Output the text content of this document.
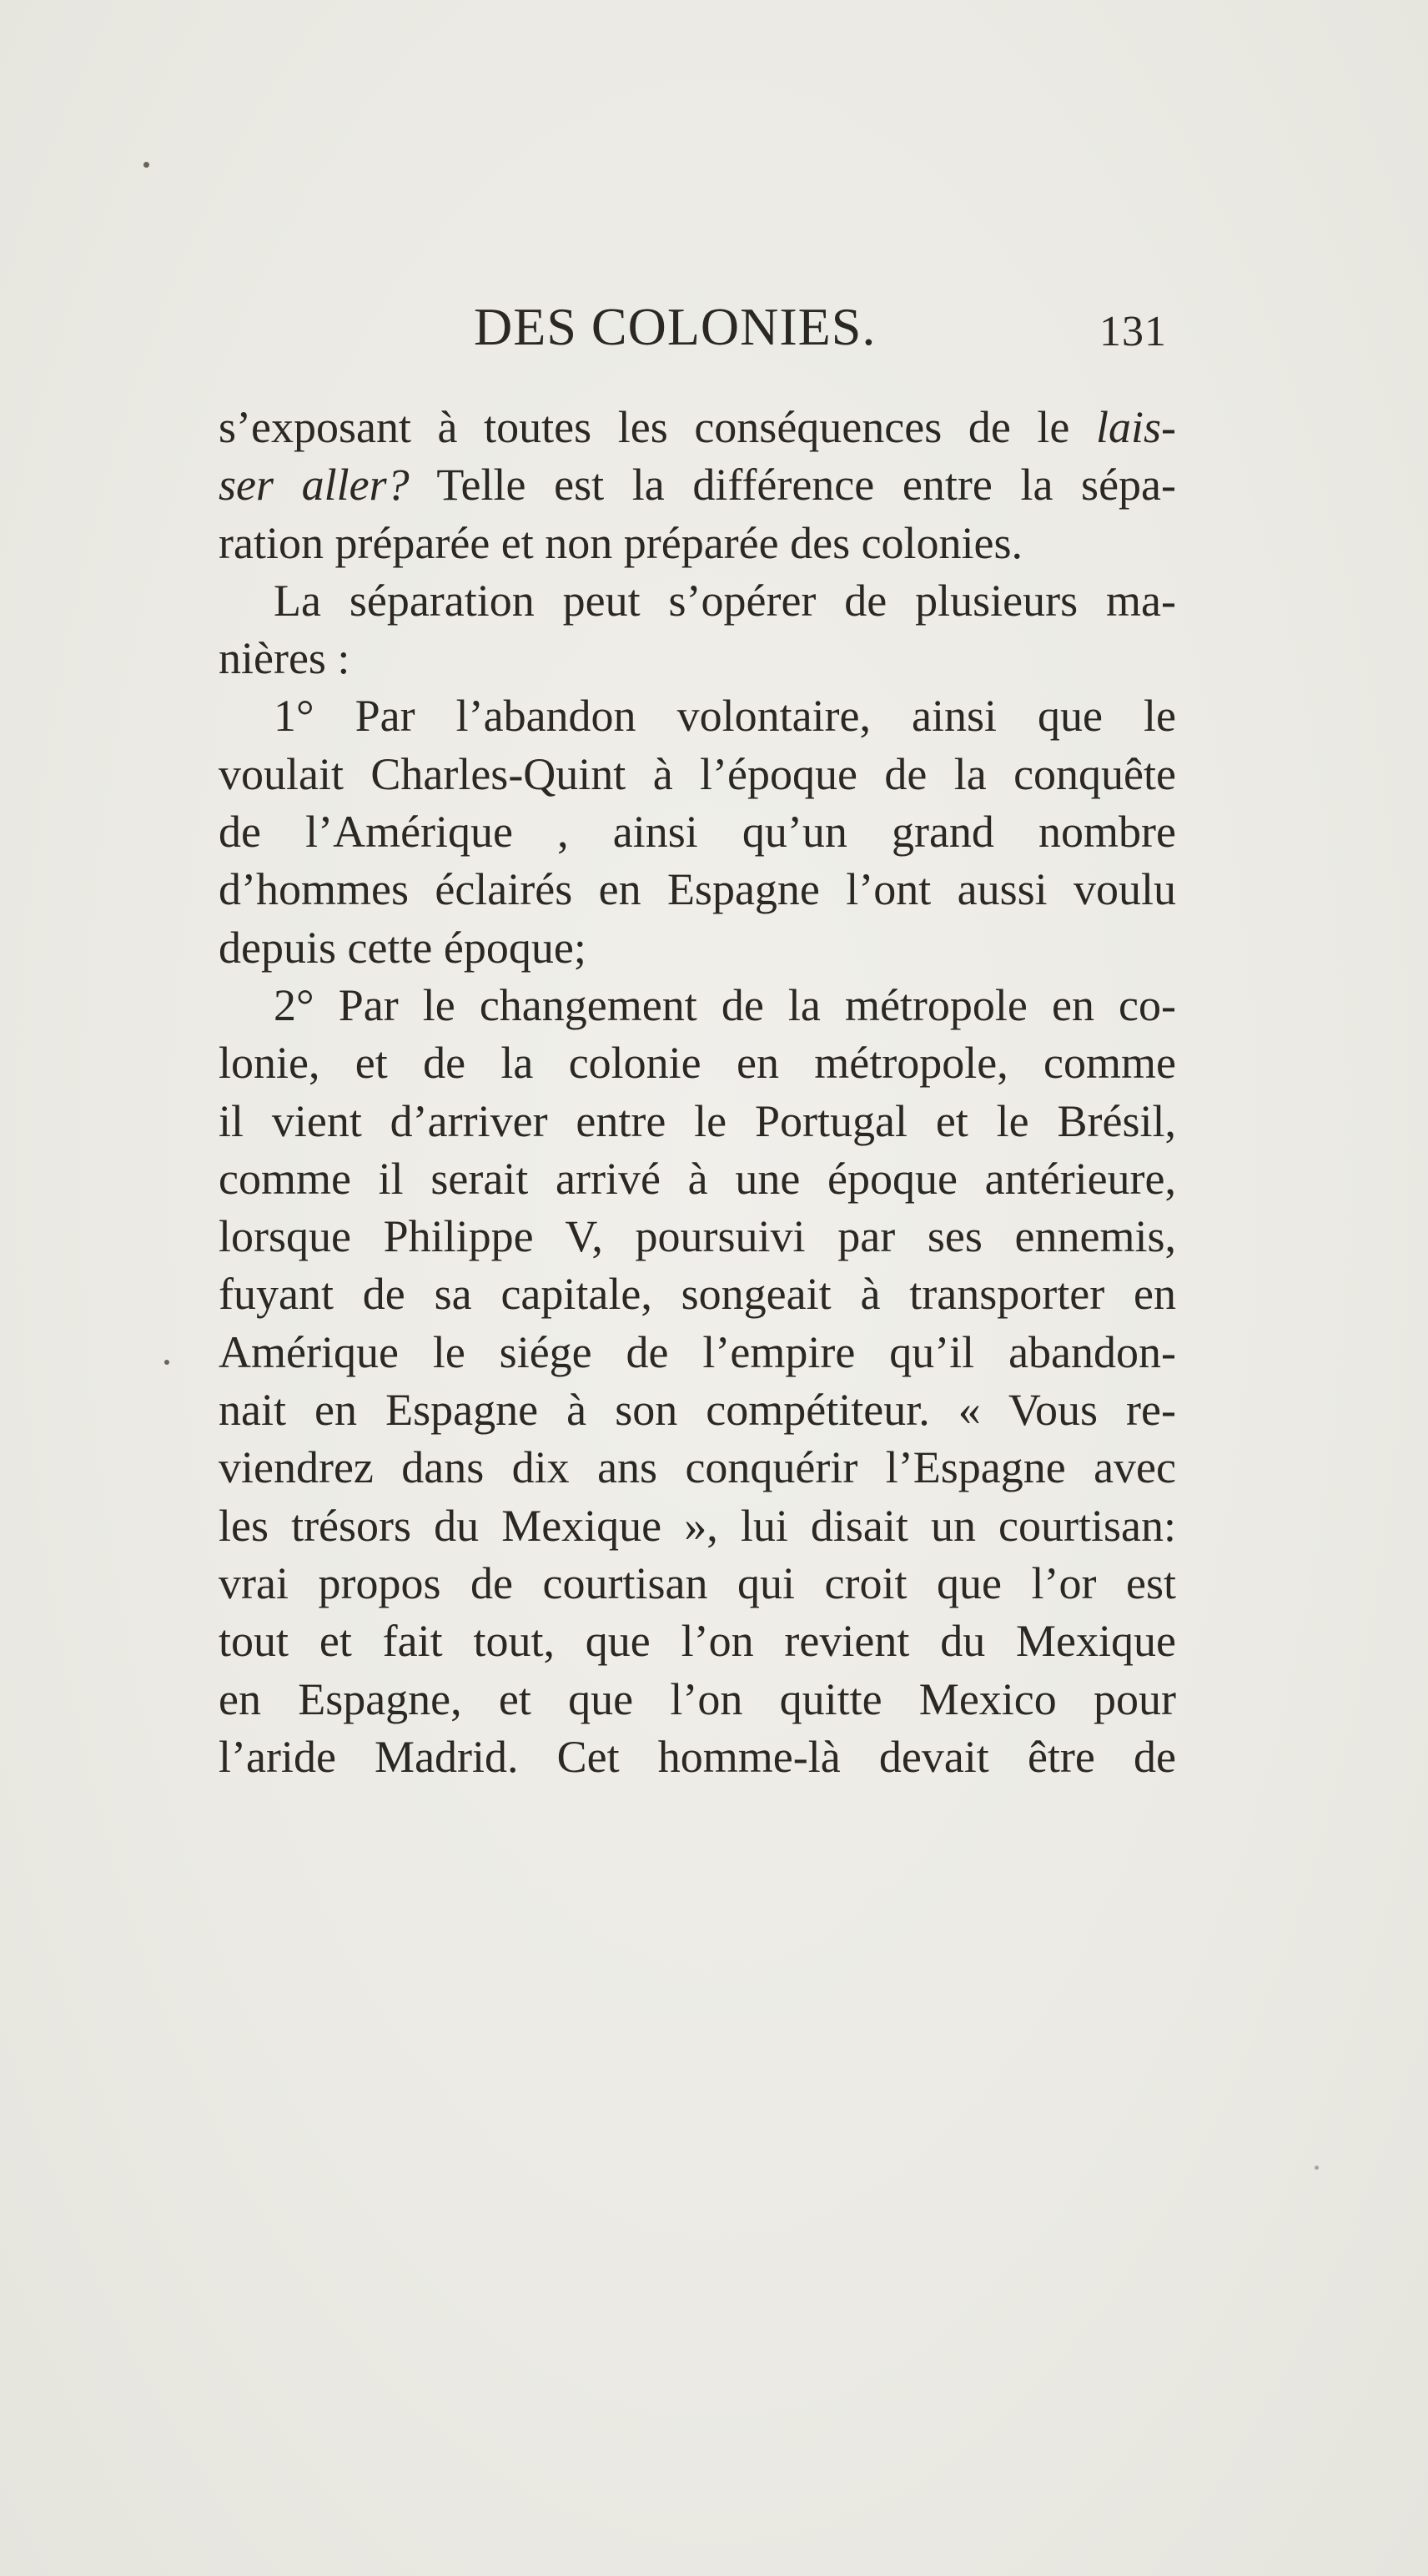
DES COLONIES.	131
s’exposant à toutes les conséquences de le lais-
ser aller? Telle est la différence entre la sépa-
ration préparée et non préparée des colonies.
La séparation peut s’opérer de plusieurs ma-
nières :
1° Par l’abandon volontaire, ainsi que le
voulait Charles-Quint à l’époque de la conquête
de l’Amérique , ainsi qu’un grand nombre
d’hommes éclairés en Espagne l’ont aussi voulu
depuis cette époque;
2° Par le changement de la métropole en co-
lonie, et de la colonie en métropole, comme
il vient d’arriver entre le Portugal et le Brésil,
comme il serait arrivé à une époque antérieure,
lorsque Philippe V, poursuivi par ses ennemis,
fuyant de sa capitale, songeait à transporter en
Amérique le siége de l’empire qu’il abandon-
nait en Espagne à son compétiteur. « Vous re-
viendrez dans dix ans conquérir l’Espagne avec
les trésors du Mexique », lui disait un courtisan:
vrai propos de courtisan qui croit que l’or est
tout et fait tout, que l’on revient du Mexique
en Espagne, et que l’on quitte Mexico pour
l’aride Madrid. Cet homme-là devait être de
